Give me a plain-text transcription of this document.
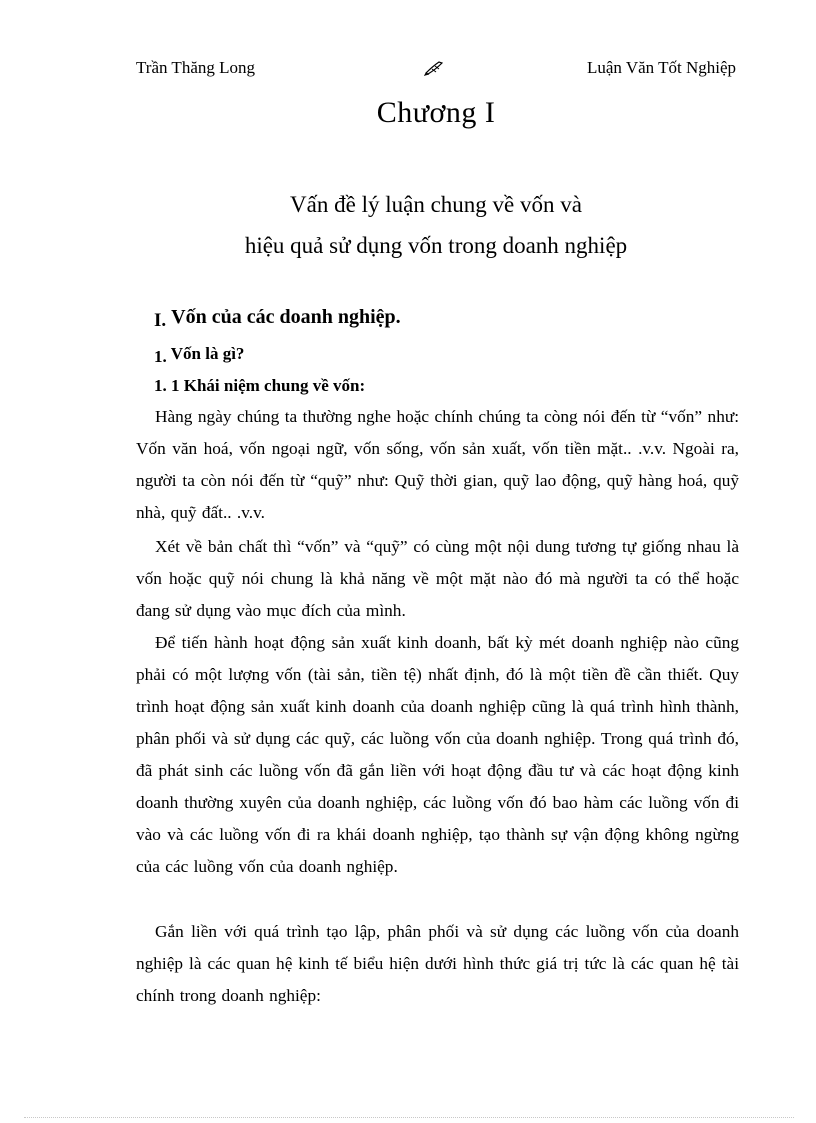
Trần Thăng Long	Luận Văn Tốt Nghiệp
Chương I
Vấn đề lý luận chung về vốn và
hiệu quả sử dụng vốn trong doanh nghiệp
I. Vốn của các doanh nghiệp.
1. Vốn là gì?
1. 1 Khái niệm chung về vốn:

Hàng ngày chúng ta thường nghe hoặc chính chúng ta còng nói đến từ “vốn” như: Vốn văn hoá, vốn ngoại ngữ, vốn sống, vốn sản xuất, vốn tiền mặt.. .v.v. Ngoài ra, người ta còn nói đến từ “quỹ” như: Quỹ thời gian, quỹ lao động, quỹ hàng hoá, quỹ nhà, quỹ đất.. .v.v.

Xét về bản chất thì “vốn” và “quỹ” có cùng một nội dung tương tự giống nhau là vốn hoặc quỹ nói chung là khả năng về một mặt nào đó mà người ta có thể hoặc đang sử dụng vào mục đích của mình.

Để tiến hành hoạt động sản xuất kinh doanh, bất kỳ mét doanh nghiệp nào cũng phải có một lượng vốn (tài sản, tiền tệ) nhất định, đó là một tiền đề cần thiết. Quy trình hoạt động sản xuất kinh doanh của doanh nghiệp cũng là quá trình hình thành, phân phối và sử dụng các quỹ, các luồng vốn của doanh nghiệp. Trong quá trình đó, đã phát sinh các luồng vốn đã gắn liền với hoạt động đầu tư và các hoạt động kinh doanh thường xuyên của doanh nghiệp, các luồng vốn đó bao hàm các luồng vốn đi vào và các luồng vốn đi ra khái doanh nghiệp, tạo thành sự vận động không ngừng của các luồng vốn của doanh nghiệp.

Gắn liền với quá trình tạo lập, phân phối và sử dụng các luồng vốn của doanh nghiệp là các quan hệ kinh tế biểu hiện dưới hình thức giá trị tức là các quan hệ tài chính trong doanh nghiệp:
